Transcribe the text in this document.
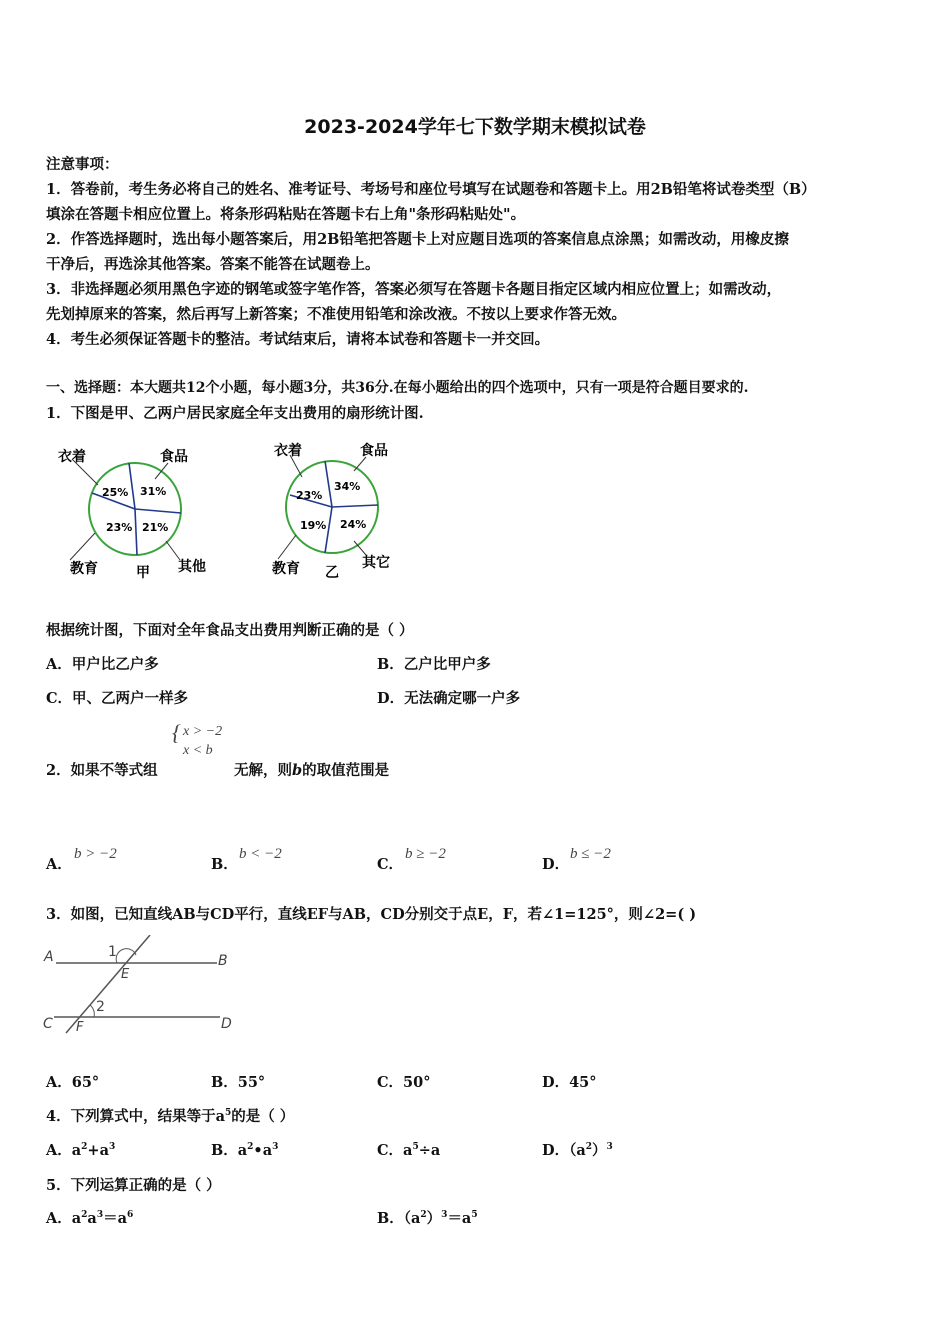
2023-2024学年七下数学期末模拟试卷
注意事项：
1．答卷前，考生务必将自己的姓名、准考证号、考场号和座位号填写在试题卷和答题卡上。用2B铅笔将试卷类型（B）
填涂在答题卡相应位置上。将条形码粘贴在答题卡右上角"条形码粘贴处"。
2．作答选择题时，选出每小题答案后，用2B铅笔把答题卡上对应题目选项的答案信息点涂黑；如需改动，用橡皮擦
干净后，再选涂其他答案。答案不能答在试题卷上。
3．非选择题必须用黑色字迹的钢笔或签字笔作答，答案必须写在答题卡各题目指定区域内相应位置上；如需改动，
先划掉原来的答案，然后再写上新答案；不准使用铅笔和涂改液。不按以上要求作答无效。
4．考生必须保证答题卡的整洁。考试结束后，请将本试卷和答题卡一并交回。
一、选择题：本大题共12个小题，每小题3分，共36分.在每小题给出的四个选项中，只有一项是符合题目要求的.
1．下图是甲、乙两户居民家庭全年支出费用的扇形统计图.
衣着	食品
教育	其他
甲
25% 31%
23% 21%
衣着	食品
教育	其它
乙
23%
34%
19% 24%
根据统计图，下面对全年食品支出费用判断正确的是（ ）
A．甲户比乙户多	B．乙户比甲户多
C．甲、乙两户一样多	D．无法确定哪一户多
2．如果不等式组
{ x > −2
x < b
无解，则b的取值范围是
A．
b > −2
B．
b < −2
C．
b ≥ −2
D．
b ≤ −2
3．如图，已知直线AB与CD平行，直线EF与AB，CD分别交于点E，F，若∠1=125°，则∠2=( )
A	B
C	D
E
F
1
2
A．65°	B．55°	C．50°	D．45°
4．下列算式中，结果等于$a^5$的是（ ）
A．$a^2+a^3$	B．$a^2•a^3$	C．$a^5\div a$	D．$(a^2)^3$
5．下列运算正确的是（ ）
A．$a^2a^3=a^6$	B．$(a^2)^3=a^5$
